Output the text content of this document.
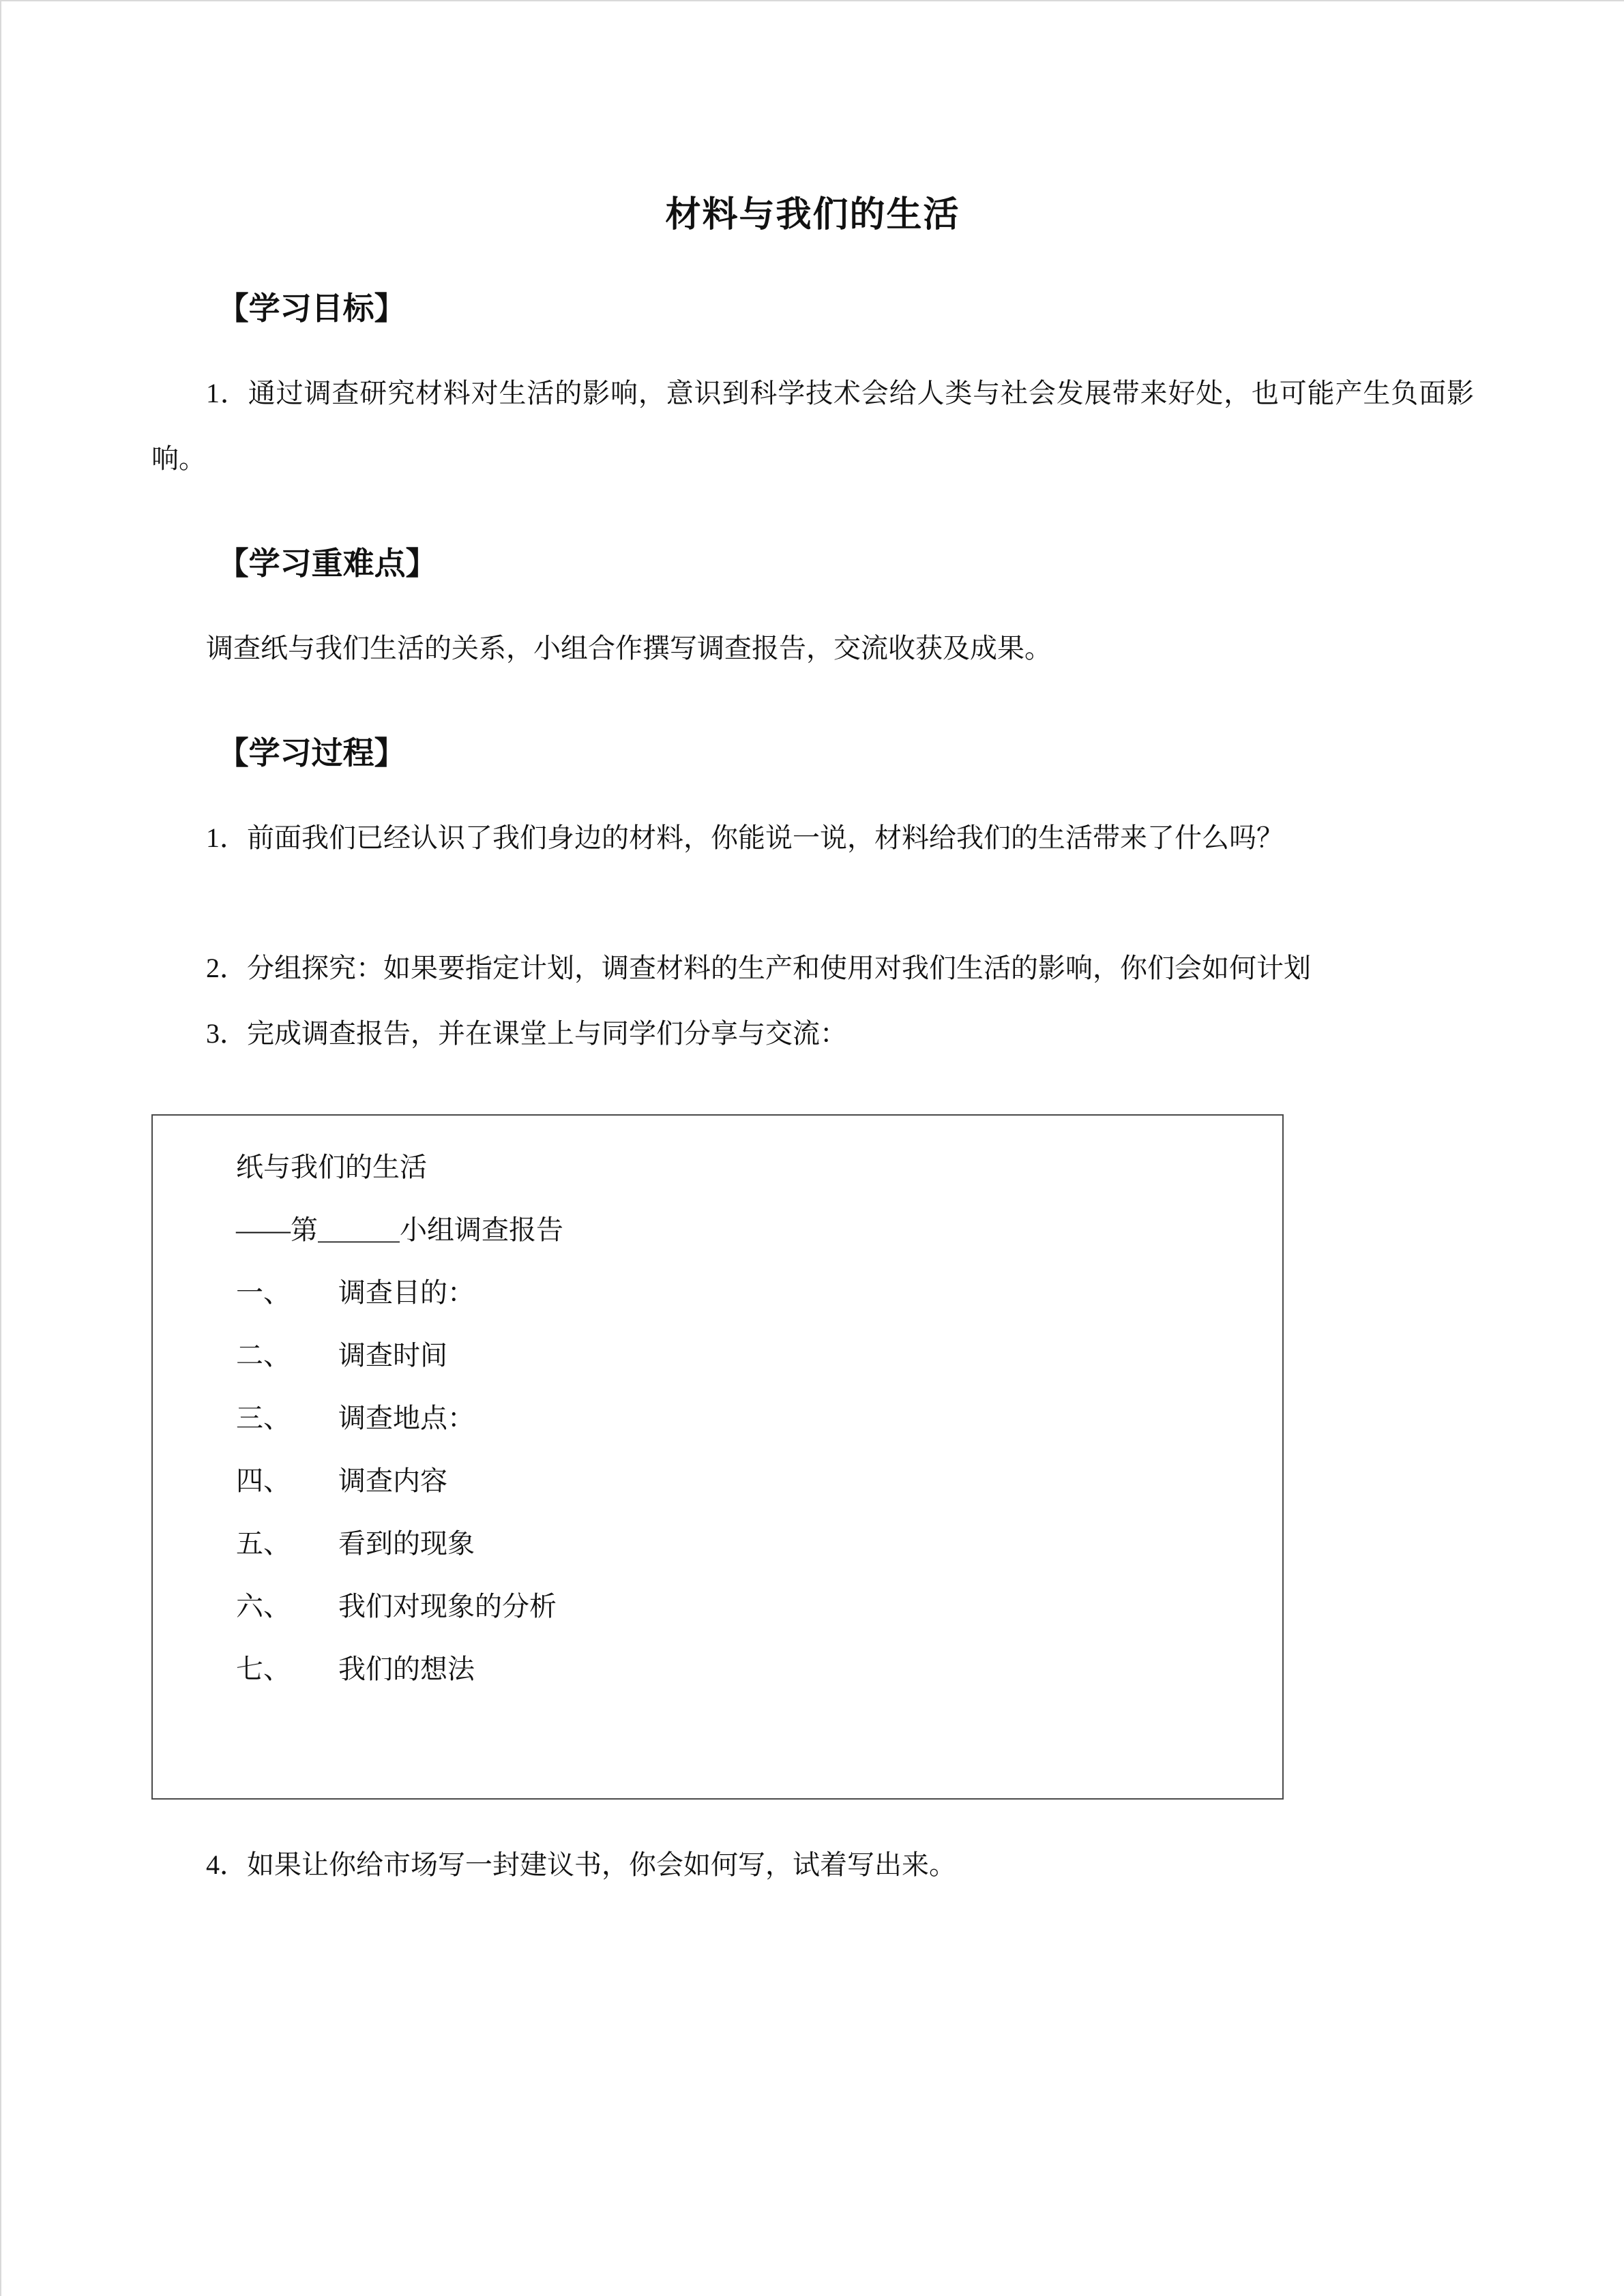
材料与我们的生活
【学习目标】

1．通过调查研究材料对生活的影响，意识到科学技术会给人类与社会发展带来好处，也可能产生负面影响。

【学习重难点】

调查纸与我们生活的关系，小组合作撰写调查报告，交流收获及成果。

【学习过程】

1．前面我们已经认识了我们身边的材料，你能说一说，材料给我们的生活带来了什么吗？

2．分组探究：如果要指定计划，调查材料的生产和使用对我们生活的影响，你们会如何计划

3．完成调查报告，并在课堂上与同学们分享与交流：

纸与我们的生活
——第＿＿＿小组调查报告
一、 调查目的：
二、 调查时间
三、 调查地点：
四、 调查内容
五、 看到的现象
六、 我们对现象的分析
七、 我们的想法

4．如果让你给市场写一封建议书，你会如何写，试着写出来。
